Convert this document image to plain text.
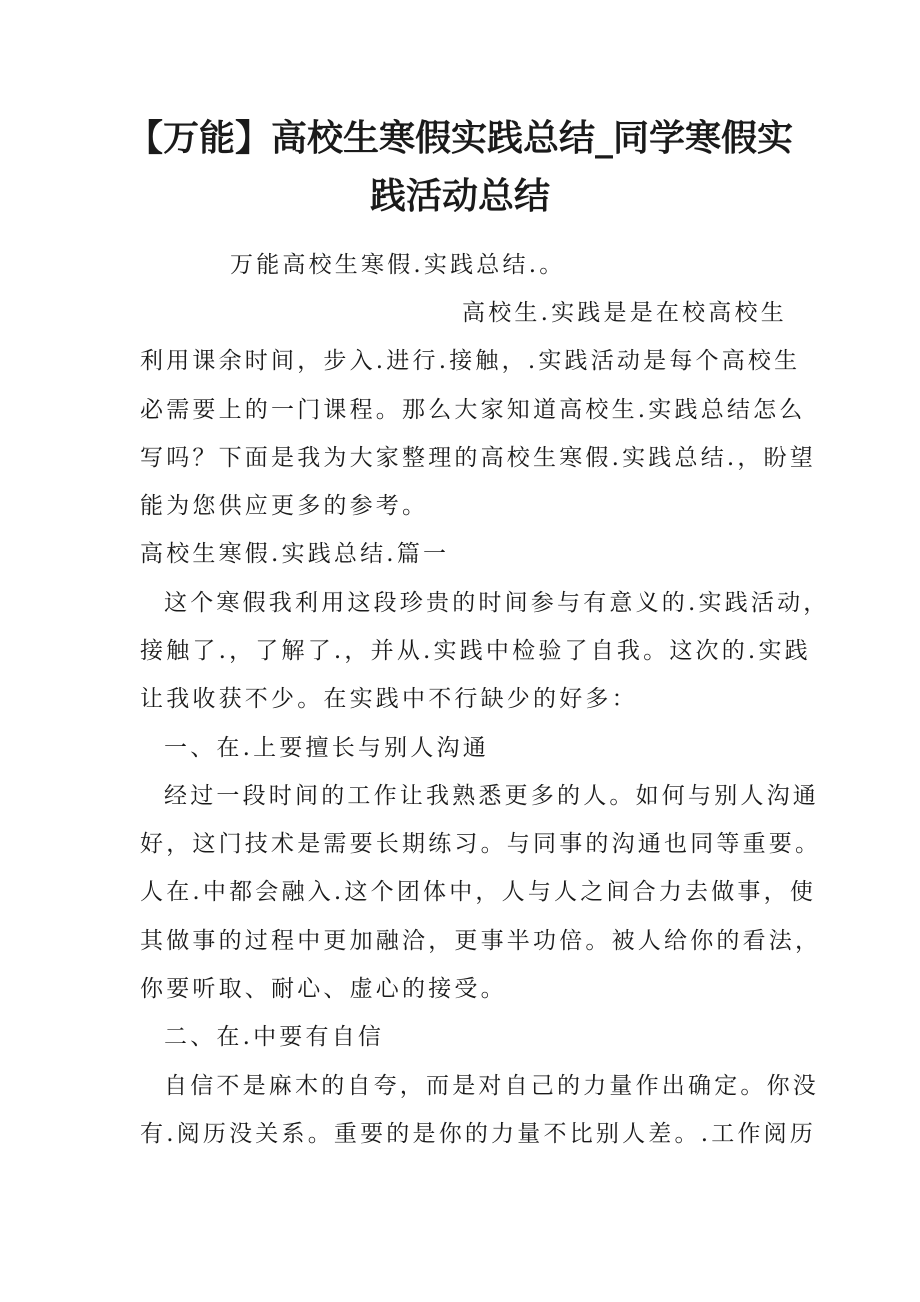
【万能】高校生寒假实践总结_同学寒假实
践活动总结
万能高校生寒假.实践总结.。
高校生.实践是是在校高校生
利用课余时间，步入.进行.接触，.实践活动是每个高校生
必需要上的一门课程。那么大家知道高校生.实践总结怎么
写吗？下面是我为大家整理的高校生寒假.实践总结.，盼望
能为您供应更多的参考。
高校生寒假.实践总结.篇一
这个寒假我利用这段珍贵的时间参与有意义的.实践活动，
接触了.，了解了.，并从.实践中检验了自我。这次的.实践
让我收获不少。在实践中不行缺少的好多：
一、在.上要擅长与别人沟通
经过一段时间的工作让我熟悉更多的人。如何与别人沟通
好，这门技术是需要长期练习。与同事的沟通也同等重要。
人在.中都会融入.这个团体中，人与人之间合力去做事，使
其做事的过程中更加融洽，更事半功倍。被人给你的看法，
你要听取、耐心、虚心的接受。
二、在.中要有自信
自信不是麻木的自夸，而是对自己的力量作出确定。你没
有.阅历没关系。重要的是你的力量不比别人差。.工作阅历
